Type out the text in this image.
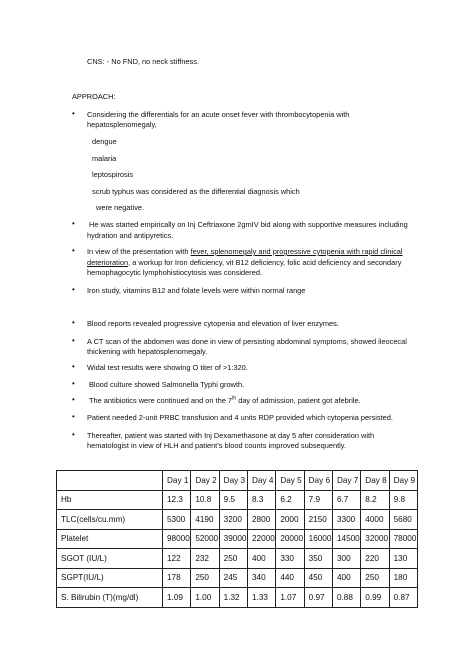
CNS: - No FND, no neck stiffness.
APPROACH:
• Considering the differentials for an acute onset fever with thrombocytopenia with
hepatosplenomegaly,
dengue
malaria
leptospirosis
scrub typhus was considered as the differential diagnosis which
were negative.
• He was started empirically on Inj Ceftriaxone 2gmIV bid along with supportive measures including
hydration and antipyretics.
• In view of the presentation with fever, splenomegaly and progressive cytopenia with rapid clinical
deterioration, a workup for Iron deficiency, vit B12 deficiency, folic acid deficiency and secondary
hemophagocytic lymphohistiocytosis was considered.
• Iron study, vitamins B12 and folate levels were within normal range
• Blood reports revealed progressive cytopenia and elevation of liver enzymes.
• A CT scan of the abdomen was done in view of persisting abdominal symptoms, showed ileocecal
thickening with hepatosplenomegaly.
• Widal test results were showing O titer of >1:320.
• Blood culture showed Salmonella Typhi growth.
• The antibiotics were continued and on the 7th day of admission, patient got afebrile.
• Patient needed 2-unit PRBC transfusion and 4 units RDP provided which cytopenia persisted.
• Thereafter, patient was started with Inj Dexamethasone at day 5 after consideration with
hematologist in view of HLH and patient’s blood counts improved subsequently.
	Day 1	Day 2	Day 3	Day 4	Day 5	Day 6	Day 7	Day 8	Day 9
Hb	12.3	10.8	9.5	8.3	6.2	7.9	6.7	8.2	9.8
TLC(cells/cu.mm)	5300	4190	3200	2800	2000	2150	3300	4000	5680
Platelet	98000	52000	39000	22000	20000	16000	14500	32000	78000
SGOT (IU/L)	122	232	250	400	330	350	300	220	130
SGPT(IU/L)	178	250	245	340	440	450	400	250	180
S. Bilirubin (T)(mg/dl)	1.09	1.00	1.32	1.33	1.07	0.97	0.88	0.99	0.87
